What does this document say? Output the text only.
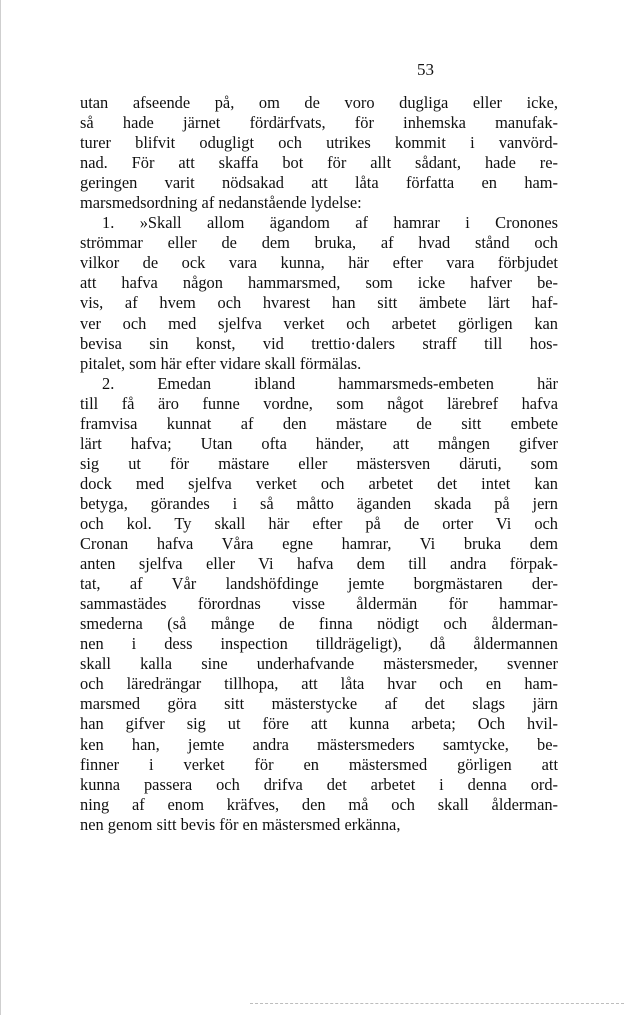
53
utan afseende på, om de voro dugliga eller icke,
så hade järnet fördärfvats, för inhemska manufak-
turer blifvit odugligt och utrikes kommit i vanvörd-
nad. För att skaffa bot för allt sådant, hade re-
geringen varit nödsakad att låta författa en ham-
marsmedsordning af nedanstående lydelse:
1. »Skall allom ägandom af hamrar i Cronones
strömmar eller de dem bruka, af hvad stånd och
vilkor de ock vara kunna, här efter vara förbjudet
att hafva någon hammarsmed, som icke hafver be-
vis, af hvem och hvarest han sitt ämbete lärt haf-
ver och med sjelfva verket och arbetet görligen kan
bevisa sin konst, vid trettio·dalers straff till hos-
pitalet, som här efter vidare skall förmälas.
2. Emedan ibland hammarsmeds-embeten här
till få äro funne vordne, som något lärebref hafva
framvisa kunnat af den mästare de sitt embete
lärt hafva; Utan ofta händer, att mången gifver
sig ut för mästare eller mästersven däruti, som
dock med sjelfva verket och arbetet det intet kan
betyga, görandes i så måtto äganden skada på jern
och kol. Ty skall här efter på de orter Vi och
Cronan hafva Våra egne hamrar, Vi bruka dem
anten sjelfva eller Vi hafva dem till andra förpak-
tat, af Vår landshöfdinge jemte borgmästaren der-
sammastädes förordnas visse åldermän för hammar-
smederna (så månge de finna nödigt och ålderman-
nen i dess inspection tilldrägeligt), då åldermannen
skall kalla sine underhafvande mästersmeder, svenner
och läredrängar tillhopa, att låta hvar och en ham-
marsmed göra sitt mästerstycke af det slags järn
han gifver sig ut före att kunna arbeta; Och hvil-
ken han, jemte andra mästersmeders samtycke, be-
finner i verket för en mästersmed görligen att
kunna passera och drifva det arbetet i denna ord-
ning af enom kräfves, den må och skall ålderman-
nen genom sitt bevis för en mästersmed erkänna,
